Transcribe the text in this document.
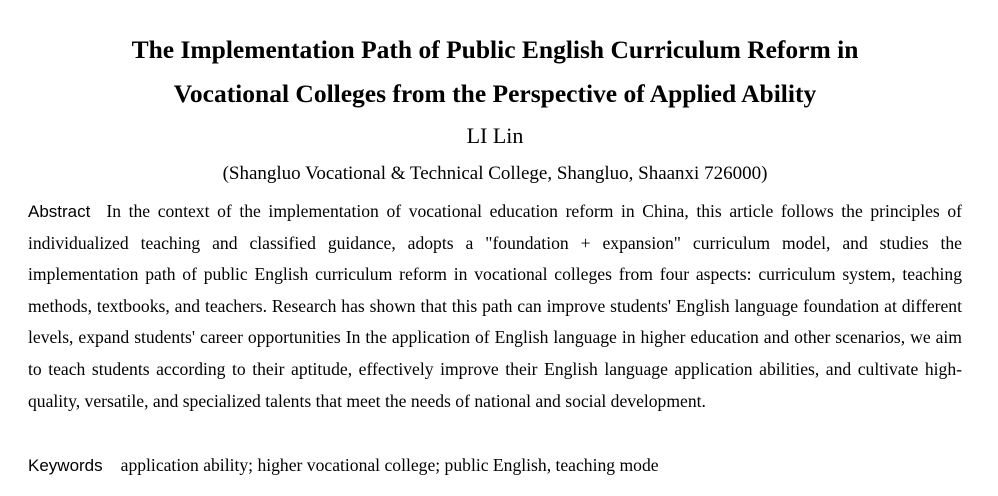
The Implementation Path of Public English Curriculum Reform in
Vocational Colleges from the Perspective of Applied Ability

LI Lin

(Shangluo Vocational & Technical College, Shangluo, Shaanxi 726000)

Abstract In the context of the implementation of vocational education reform in China, this article follows the principles of individualized teaching and classified guidance, adopts a "foundation + expansion" curriculum model, and studies the implementation path of public English curriculum reform in vocational colleges from four aspects: curriculum system, teaching methods, textbooks, and teachers. Research has shown that this path can improve students' English language foundation at different levels, expand students' career opportunities In the application of English language in higher education and other scenarios, we aim to teach students according to their aptitude, effectively improve their English language application abilities, and cultivate high-quality, versatile, and specialized talents that meet the needs of national and social development.

Keywords application ability; higher vocational college; public English, teaching mode
